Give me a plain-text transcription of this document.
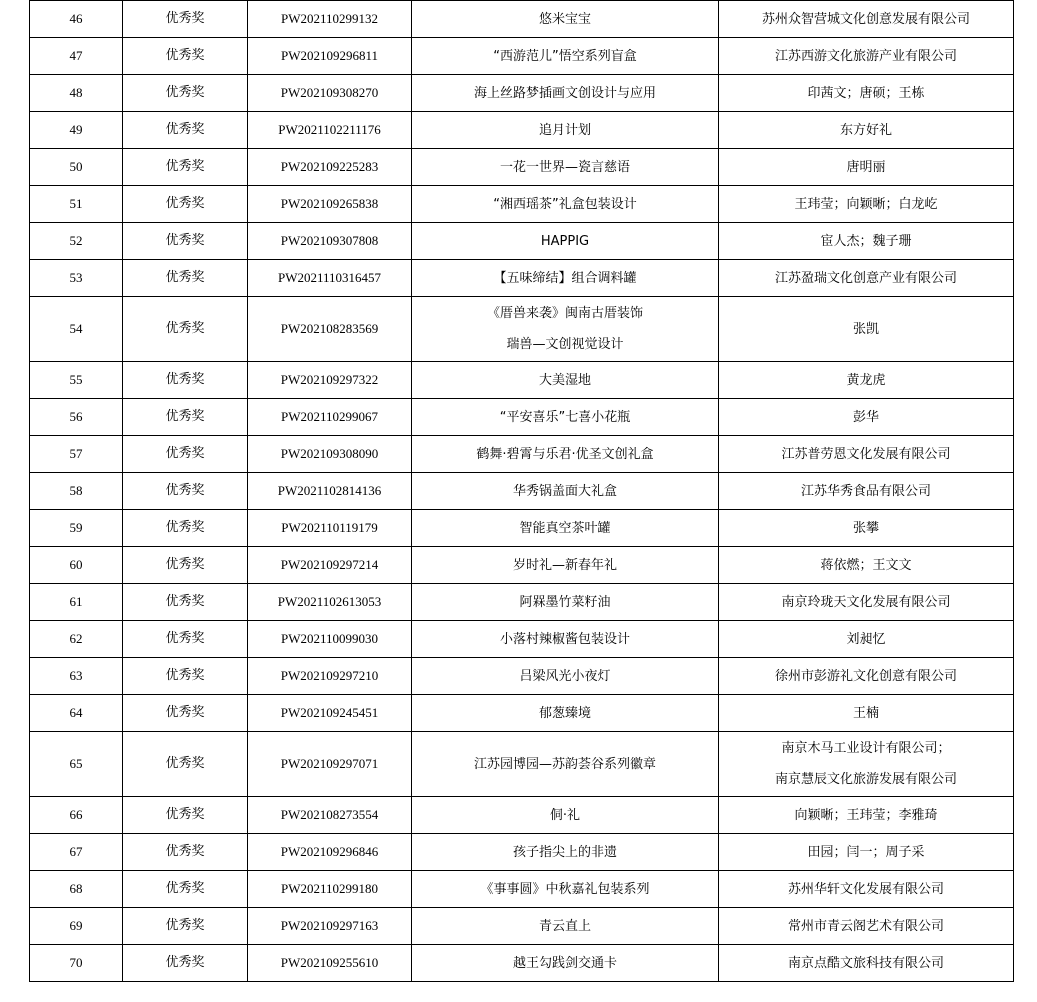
46	优秀奖	PW202110299132	悠米宝宝	苏州众智营城文化创意发展有限公司

47	优秀奖	PW202109296811	“西游范儿”悟空系列盲盒	江苏西游文化旅游产业有限公司

48	优秀奖	PW202109308270	海上丝路梦插画文创设计与应用	印茜文；唐硕；王栋

49	优秀奖	PW2021102211176	追月计划	东方好礼

50	优秀奖	PW202109225283	一花一世界—瓷言慈语	唐明丽

51	优秀奖	PW202109265838	“湘西瑶茶”礼盒包装设计	王玮莹；向颖晰；白龙屹

52	优秀奖	PW202109307808	HAPPIG	宦人杰；魏子珊

53	优秀奖	PW2021110316457	【五味缔结】组合调料罐	江苏盈瑞文化创意产业有限公司

54	优秀奖	PW202108283569	《厝兽来袭》闽南古厝装饰
瑞兽—文创视觉设计	张凯

55	优秀奖	PW202109297322	大美湿地	黄龙虎

56	优秀奖	PW202110299067	“平安喜乐”七喜小花瓶	彭华

57	优秀奖	PW202109308090	鹤舞·碧霄与乐君·优圣文创礼盒	江苏普劳恩文化发展有限公司

58	优秀奖	PW2021102814136	华秀锅盖面大礼盒	江苏华秀食品有限公司

59	优秀奖	PW202110119179	智能真空茶叶罐	张攀

60	优秀奖	PW202109297214	岁时礼—新春年礼	蒋依燃；王文文

61	优秀奖	PW2021102613053	阿槑墨竹菜籽油	南京玲珑天文化发展有限公司

62	优秀奖	PW202110099030	小落村辣椒酱包装设计	刘昶忆

63	优秀奖	PW202109297210	吕梁风光小夜灯	徐州市彭游礼文化创意有限公司

64	优秀奖	PW202109245451	郁葱臻境	王楠

65	优秀奖	PW202109297071	江苏园博园—苏韵荟谷系列徽章	南京木马工业设计有限公司；
南京慧辰文化旅游发展有限公司

66	优秀奖	PW202108273554	侗·礼	向颖晰；王玮莹；李雅琦

67	优秀奖	PW202109296846	孩子指尖上的非遗	田园；闫一；周子采

68	优秀奖	PW202110299180	《事事圆》中秋嘉礼包装系列	苏州华轩文化发展有限公司

69	优秀奖	PW202109297163	青云直上	常州市青云阁艺术有限公司

70	优秀奖	PW202109255610	越王勾践剑交通卡	南京点酷文旅科技有限公司
